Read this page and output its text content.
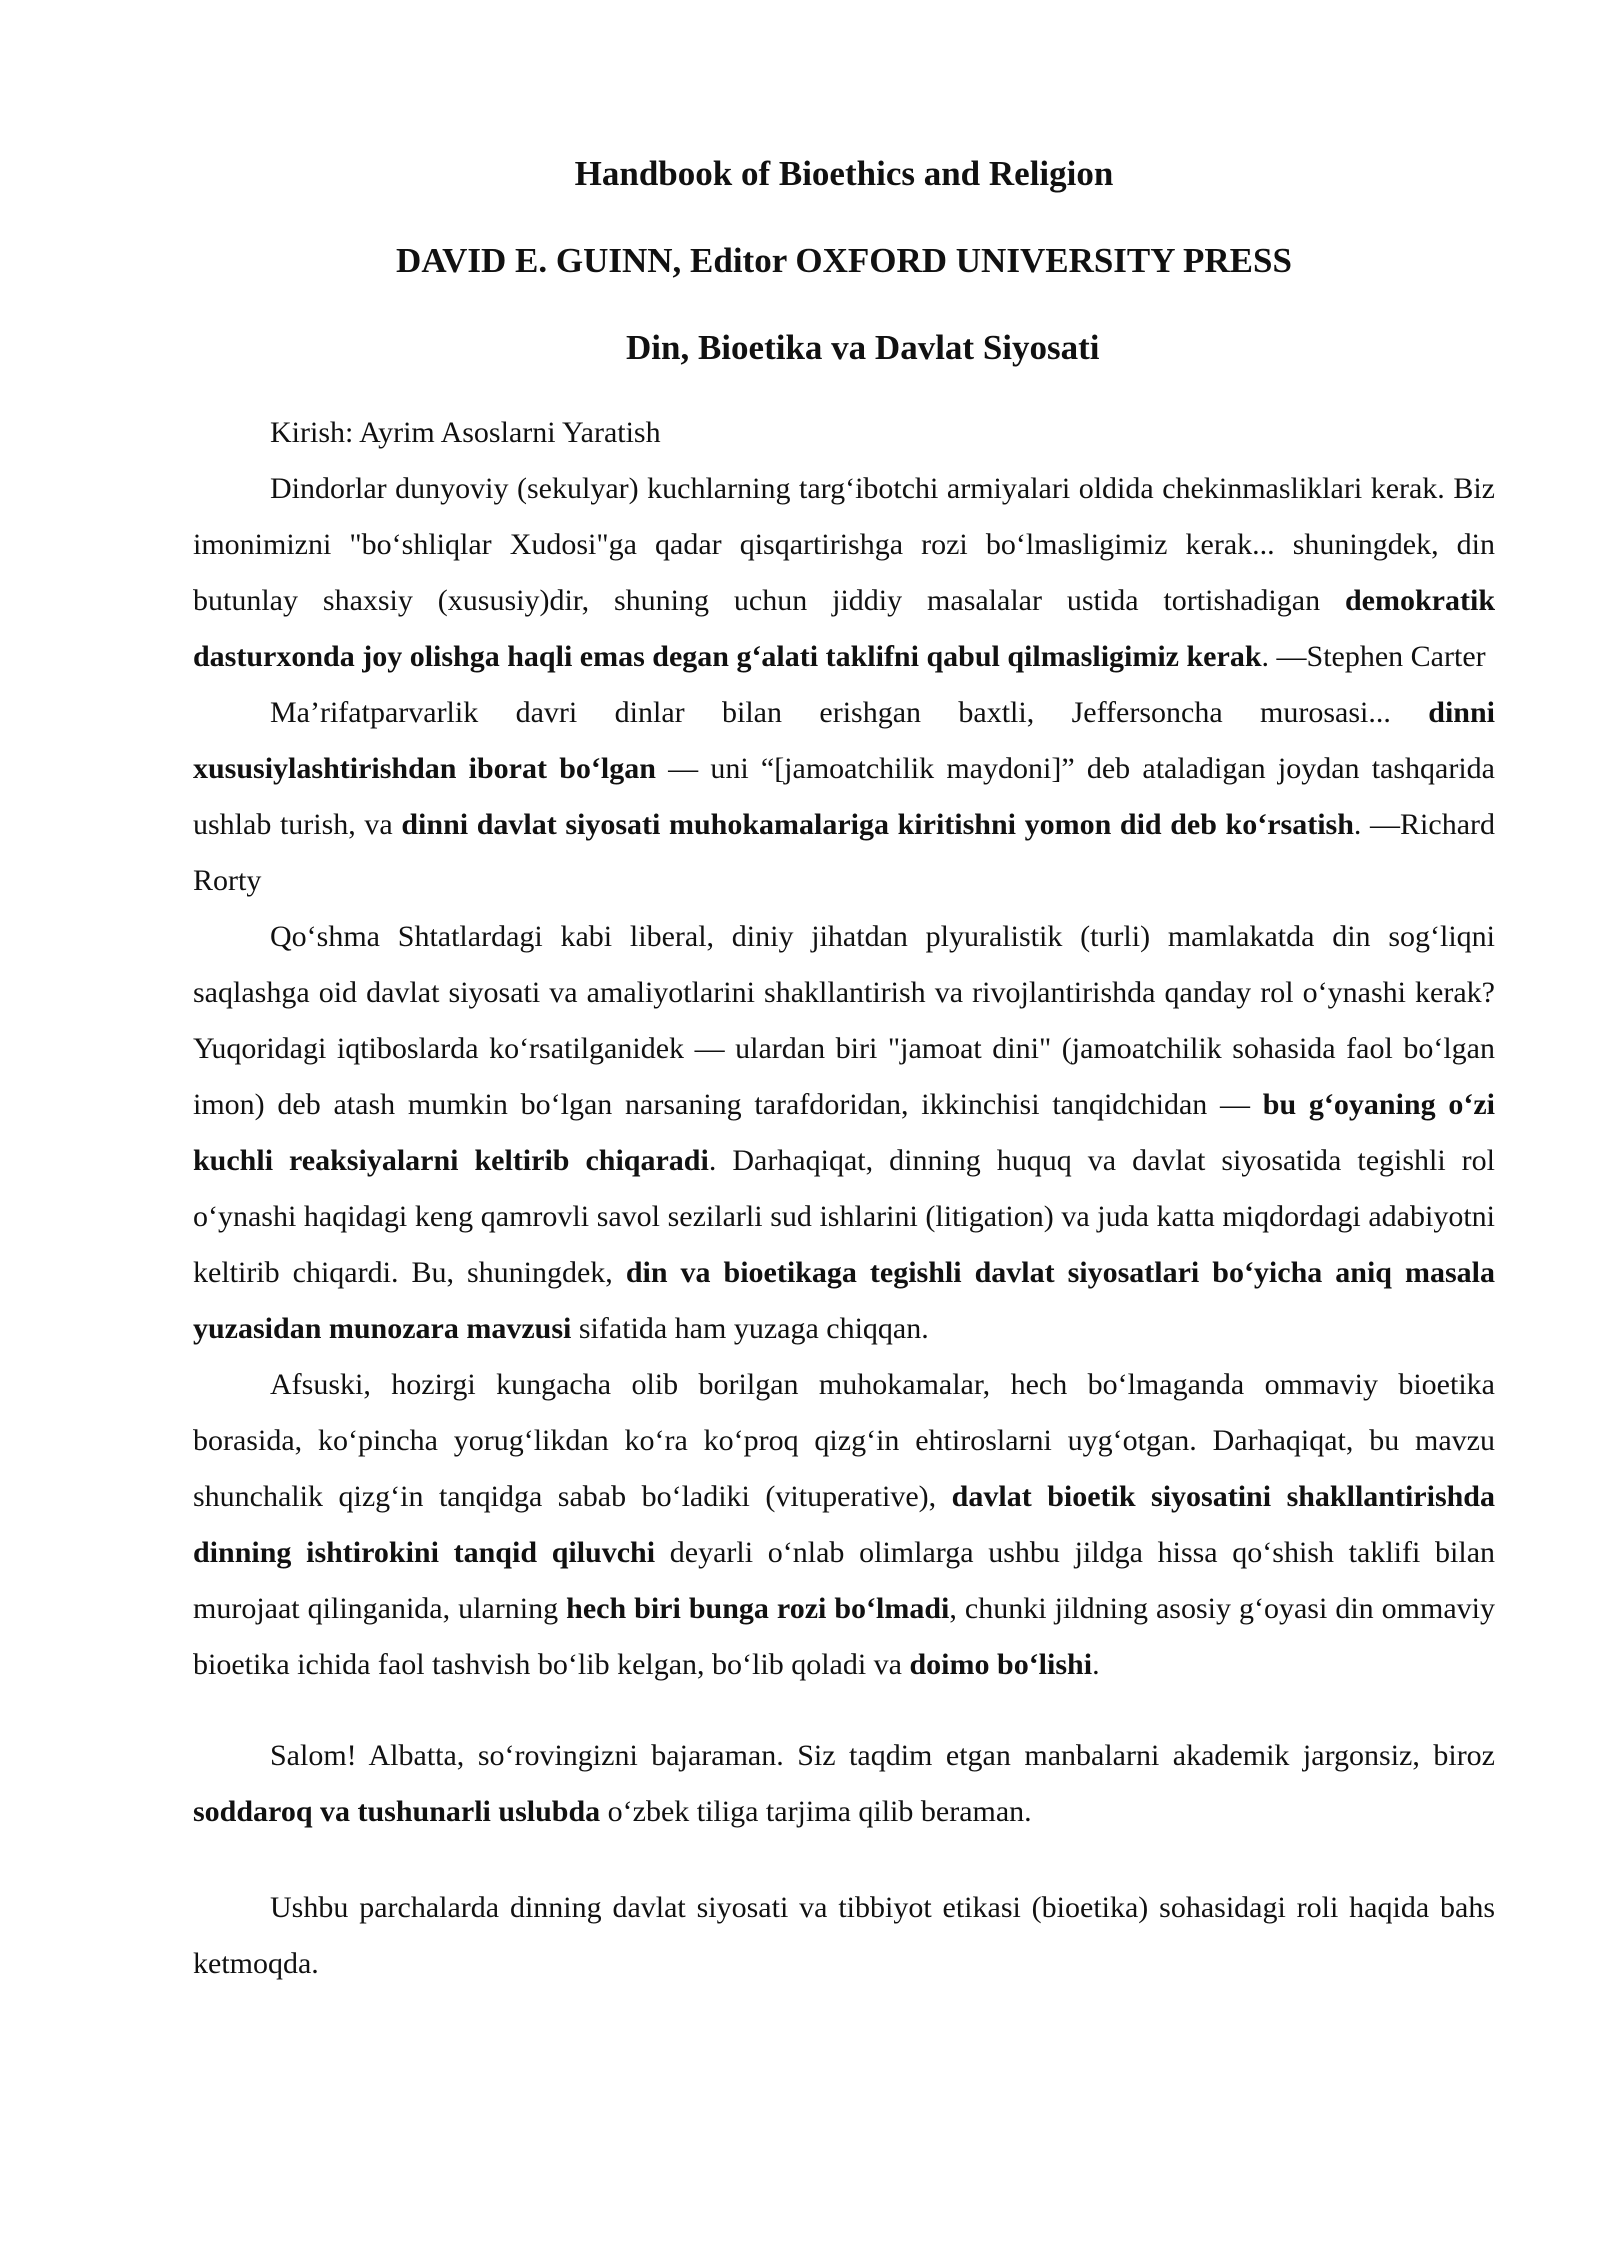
Handbook of Bioethics and Religion
DAVID E. GUINN, Editor OXFORD UNIVERSITY PRESS
Din, Bioetika va Davlat Siyosati

Kirish: Ayrim Asoslarni Yaratish

Dindorlar dunyoviy (sekulyar) kuchlarning targ‘ibotchi armiyalari oldida chekinmasliklari kerak. Biz imonimizni "bo‘shliqlar Xudosi"ga qadar qisqartirishga rozi bo‘lmasligimiz kerak... shuningdek, din butunlay shaxsiy (xususiy)dir, shuning uchun jiddiy masalalar ustida tortishadigan demokratik dasturxonda joy olishga haqli emas degan g‘alati taklifni qabul qilmasligimiz kerak. —Stephen Carter

Ma’rifatparvarlik davri dinlar bilan erishgan baxtli, Jeffersoncha murosasi... dinni xususiylashtirishdan iborat bo‘lgan — uni “[jamoatchilik maydoni]” deb ataladigan joydan tashqarida ushlab turish, va dinni davlat siyosati muhokamalariga kiritishni yomon did deb ko‘rsatish. —Richard Rorty

Qo‘shma Shtatlardagi kabi liberal, diniy jihatdan plyuralistik (turli) mamlakatda din sog‘liqni saqlashga oid davlat siyosati va amaliyotlarini shakllantirish va rivojlantirishda qanday rol o‘ynashi kerak? Yuqoridagi iqtiboslarda ko‘rsatilganidek — ulardan biri "jamoat dini" (jamoatchilik sohasida faol bo‘lgan imon) deb atash mumkin bo‘lgan narsaning tarafdoridan, ikkinchisi tanqidchidan — bu g‘oyaning o‘zi kuchli reaksiyalarni keltirib chiqaradi. Darhaqiqat, dinning huquq va davlat siyosatida tegishli rol o‘ynashi haqidagi keng qamrovli savol sezilarli sud ishlarini (litigation) va juda katta miqdordagi adabiyotni keltirib chiqardi. Bu, shuningdek, din va bioetikaga tegishli davlat siyosatlari bo‘yicha aniq masala yuzasidan munozara mavzusi sifatida ham yuzaga chiqqan.

Afsuski, hozirgi kungacha olib borilgan muhokamalar, hech bo‘lmaganda ommaviy bioetika borasida, ko‘pincha yorug‘likdan ko‘ra ko‘proq qizg‘in ehtiroslarni uyg‘otgan. Darhaqiqat, bu mavzu shunchalik qizg‘in tanqidga sabab bo‘ladiki (vituperative), davlat bioetik siyosatini shakllantirishda dinning ishtirokini tanqid qiluvchi deyarli o‘nlab olimlarga ushbu jildga hissa qo‘shish taklifi bilan murojaat qilinganida, ularning hech biri bunga rozi bo‘lmadi, chunki jildning asosiy g‘oyasi din ommaviy bioetika ichida faol tashvish bo‘lib kelgan, bo‘lib qoladi va doimo bo‘lishi.

Salom! Albatta, so‘rovingizni bajaraman. Siz taqdim etgan manbalarni akademik jargonsiz, biroz soddaroq va tushunarli uslubda o‘zbek tiliga tarjima qilib beraman.

Ushbu parchalarda dinning davlat siyosati va tibbiyot etikasi (bioetika) sohasidagi roli haqida bahs ketmoqda.
